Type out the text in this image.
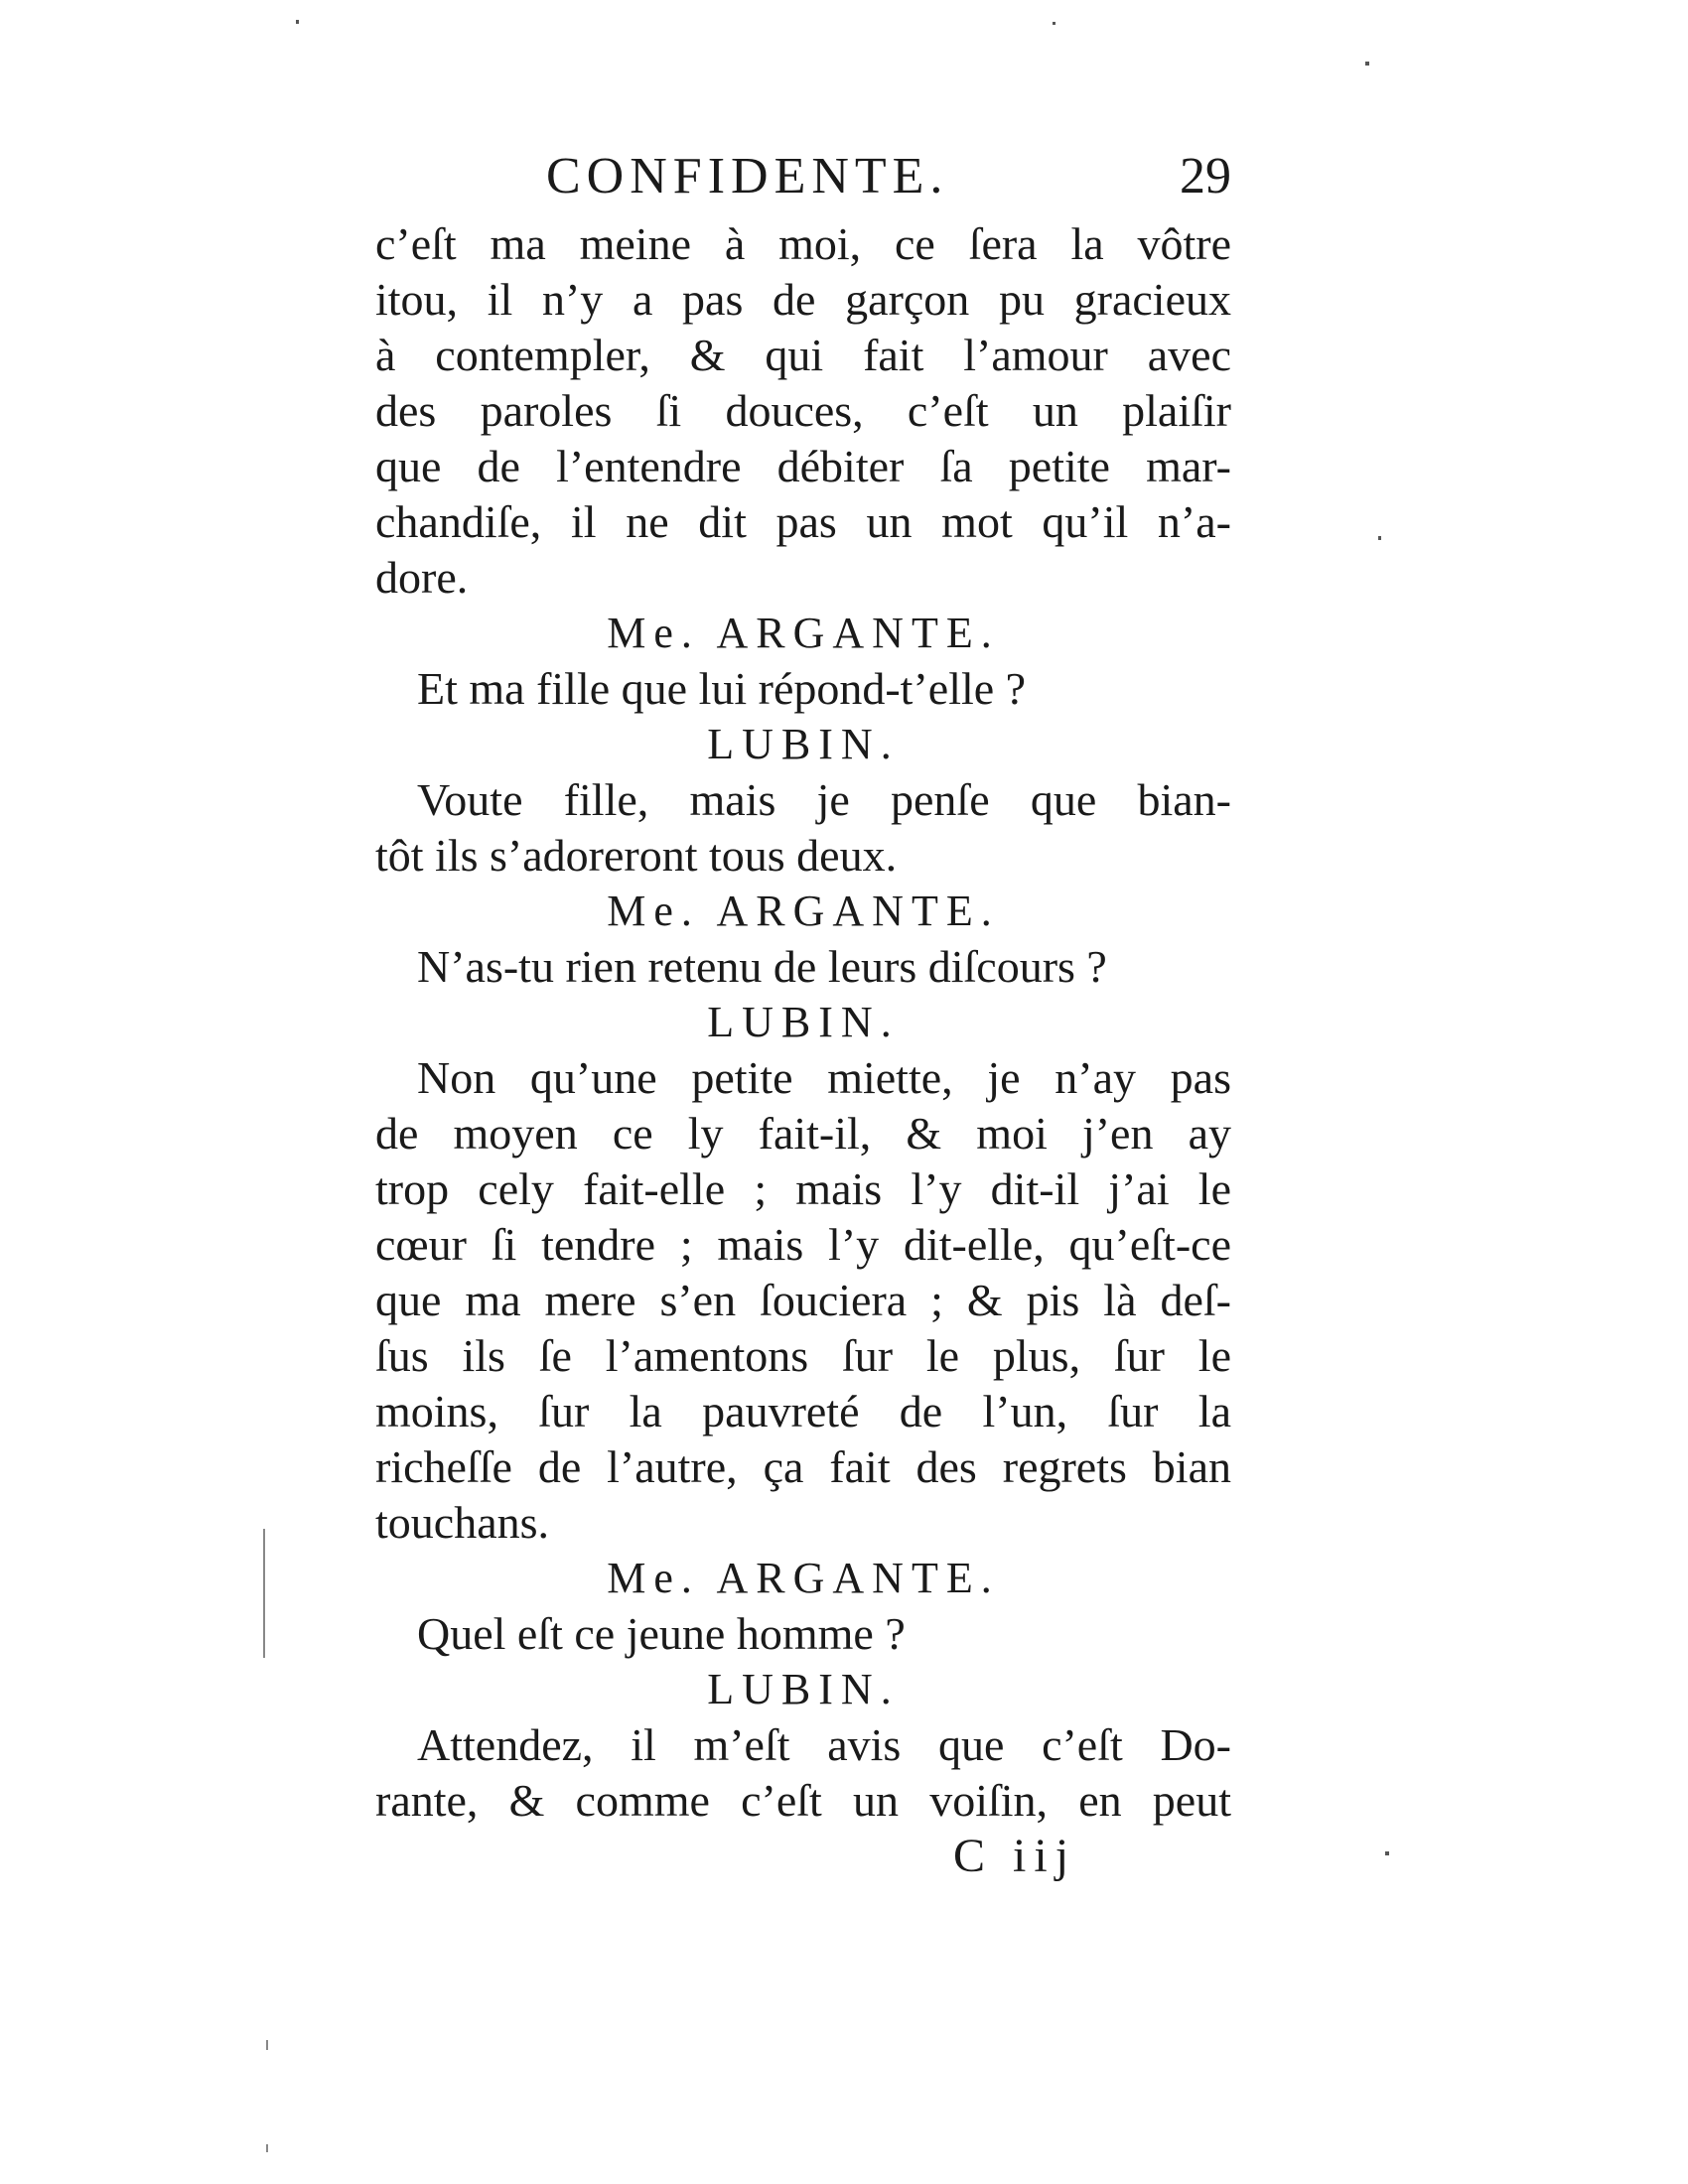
CONFIDENTE.	29
c’eſt ma meine à moi, ce ſera la vôtre
itou, il n’y a pas de garçon pu gracieux
à contempler, & qui fait l’amour avec
des paroles ſi douces, c’eſt un plaiſir
que de l’entendre débiter ſa petite mar-
chandiſe, il ne dit pas un mot qu’il n’a-
dore.
Me. ARGANTE.
Et ma fille que lui répond-t’elle ?
LUBIN.
Voute fille, mais je penſe que bian-
tôt ils s’adoreront tous deux.
Me. ARGANTE.
N’as-tu rien retenu de leurs diſcours ?
LUBIN.
Non qu’une petite miette, je n’ay pas
de moyen ce ly fait-il, & moi j’en ay
trop cely fait-elle ; mais l’y dit-il j’ai le
cœur ſi tendre ; mais l’y dit-elle, qu’eſt-ce
que ma mere s’en ſouciera ; & pis là deſ-
ſus ils ſe l’amentons ſur le plus, ſur le
moins, ſur la pauvreté de l’un, ſur la
richeſſe de l’autre, ça fait des regrets bian
touchans.
Me. ARGANTE.
Quel eſt ce jeune homme ?
LUBIN.
Attendez, il m’eſt avis que c’eſt Do-
rante, & comme c’eſt un voiſin, en peut
C iij
